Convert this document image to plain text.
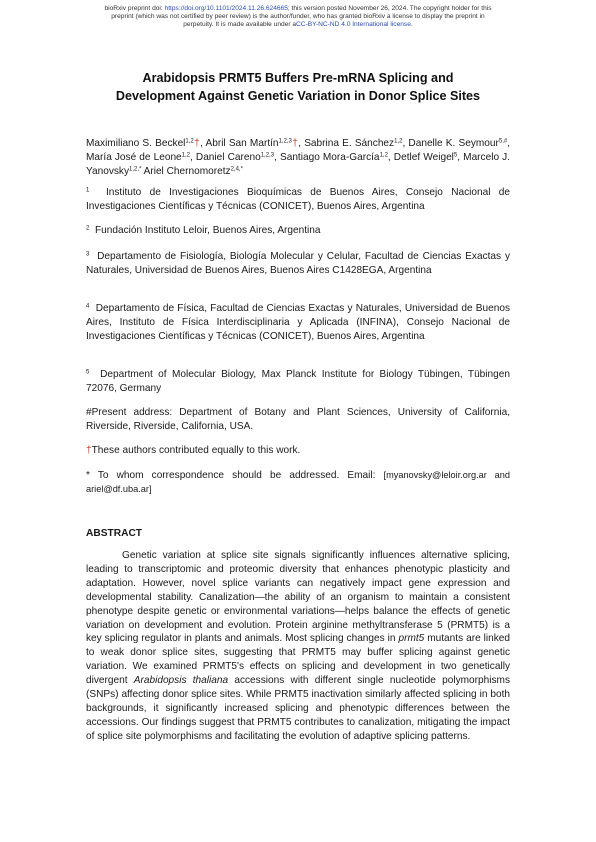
bioRxiv preprint doi: https://doi.org/10.1101/2024.11.26.624665; this version posted November 26, 2024. The copyright holder for this
preprint (which was not certified by peer review) is the author/funder, who has granted bioRxiv a license to display the preprint in
perpetuity. It is made available under aCC-BY-NC-ND 4.0 International license.
Arabidopsis PRMT5 Buffers Pre-mRNA Splicing and
Development Against Genetic Variation in Donor Splice Sites

Maximiliano S. Beckel$^{1,2}$†, Abril San Martín$^{1,2,3}$†, Sabrina E. Sánchez$^{1,2}$, Danelle K. Seymour$^{5,\#}$, María José de Leone$^{1,2}$, Daniel Careno$^{1,2,3}$, Santiago Mora-García$^{1,2}$, Detlef Weigel$^5$, Marcelo J. Yanovsky$^{1,2,*}$ Ariel Chernomoretz$^{2,4,*}$

$^1$ Instituto de Investigaciones Bioquímicas de Buenos Aires, Consejo Nacional de Investigaciones Científicas y Técnicas (CONICET), Buenos Aires, Argentina

$^2$ Fundación Instituto Leloir, Buenos Aires, Argentina

$^3$ Departamento de Fisiología, Biología Molecular y Celular, Facultad de Ciencias Exactas y Naturales, Universidad de Buenos Aires, Buenos Aires C1428EGA, Argentina

$^4$ Departamento de Física, Facultad de Ciencias Exactas y Naturales, Universidad de Buenos Aires, Instituto de Física Interdisciplinaria y Aplicada (INFINA), Consejo Nacional de Investigaciones Científicas y Técnicas (CONICET), Buenos Aires, Argentina

$^5$ Department of Molecular Biology, Max Planck Institute for Biology Tübingen, Tübingen 72076, Germany

#Present address: Department of Botany and Plant Sciences, University of California, Riverside, Riverside, California, USA.

†These authors contributed equally to this work.

* To whom correspondence should be addressed. Email: [myanovsky@leloir.org.ar and ariel@df.uba.ar]

ABSTRACT

Genetic variation at splice site signals significantly influences alternative splicing, leading to transcriptomic and proteomic diversity that enhances phenotypic plasticity and adaptation. However, novel splice variants can negatively impact gene expression and developmental stability. Canalization—the ability of an organism to maintain a consistent phenotype despite genetic or environmental variations—helps balance the effects of genetic variation on development and evolution. Protein arginine methyltransferase 5 (PRMT5) is a key splicing regulator in plants and animals. Most splicing changes in prmt5 mutants are linked to weak donor splice sites, suggesting that PRMT5 may buffer splicing against genetic variation. We examined PRMT5's effects on splicing and development in two genetically divergent Arabidopsis thaliana accessions with different single nucleotide polymorphisms (SNPs) affecting donor splice sites. While PRMT5 inactivation similarly affected splicing in both backgrounds, it significantly increased splicing and phenotypic differences between the accessions. Our findings suggest that PRMT5 contributes to canalization, mitigating the impact of splice site polymorphisms and facilitating the evolution of adaptive splicing patterns.
